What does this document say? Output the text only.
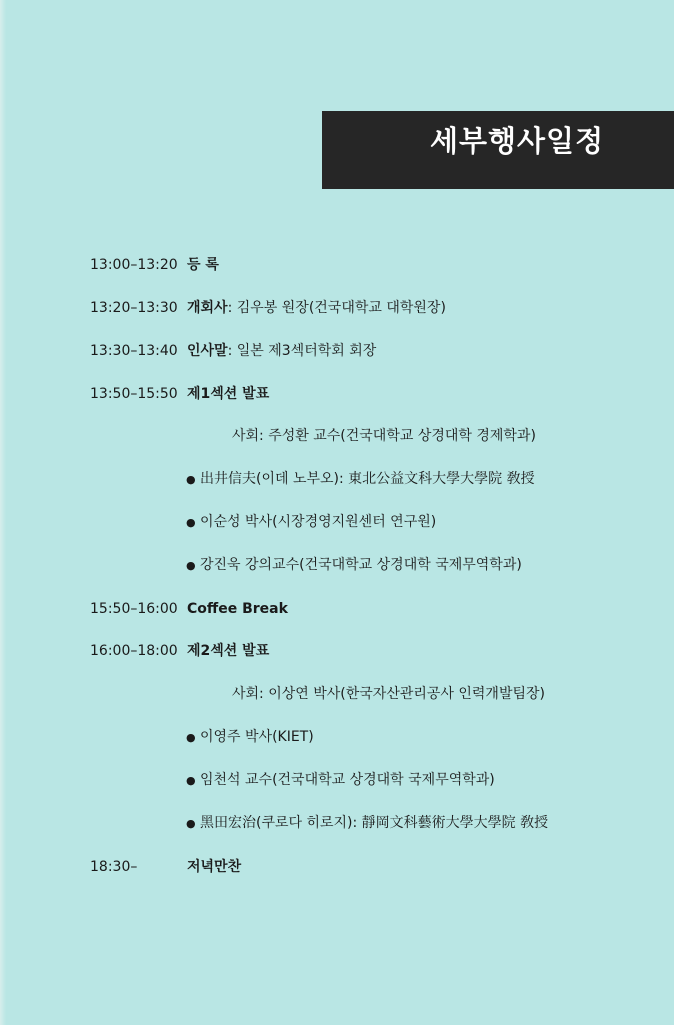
세부행사일정
13:00–13:20 등 록
13:20–13:30 개회사: 김우봉 원장(건국대학교 대학원장)
13:30–13:40 인사말: 일본 제3섹터학회 회장
13:50–15:50 제1섹션 발표
사회: 주성환 교수(건국대학교 상경대학 경제학과)
● 出井信夫(이데 노부오): 東北公益文科大學大學院 敎授
● 이순성 박사(시장경영지원센터 연구원)
● 강진욱 강의교수(건국대학교 상경대학 국제무역학과)
15:50–16:00 Coffee Break
16:00–18:00 제2섹션 발표
사회: 이상연 박사(한국자산관리공사 인력개발팀장)
● 이영주 박사(KIET)
● 임천석 교수(건국대학교 상경대학 국제무역학과)
● 黑田宏治(쿠로다 히로지): 靜岡文科藝術大學大學院 敎授
18:30–	저녁만찬
